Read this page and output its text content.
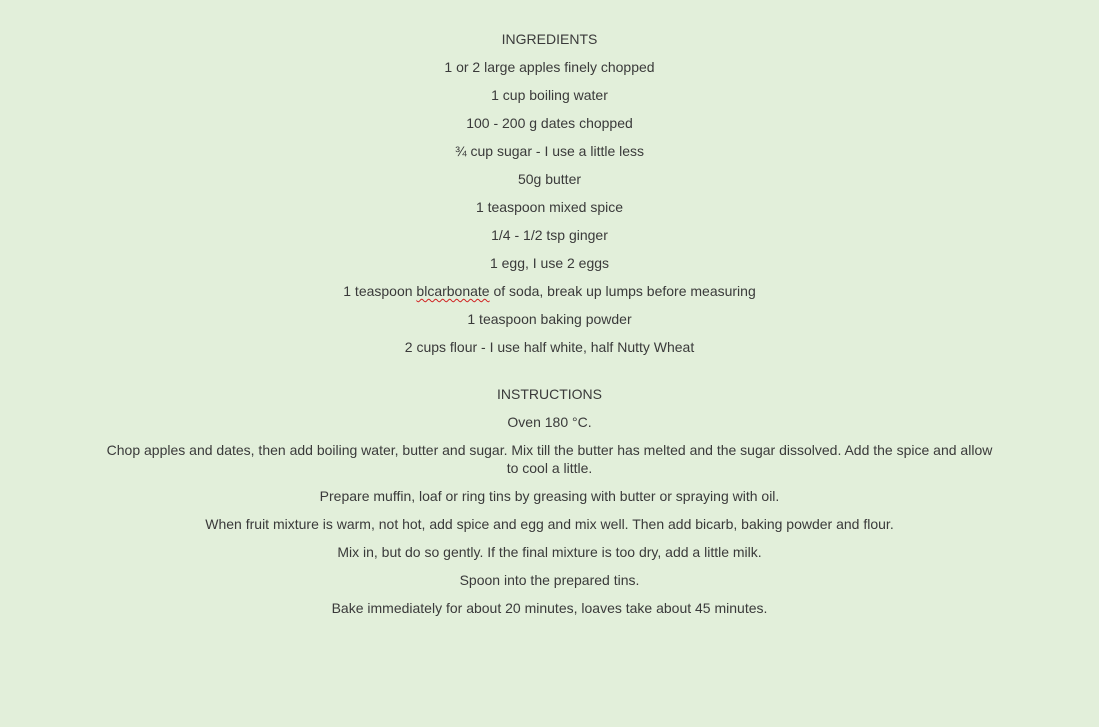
INGREDIENTS
1 or 2 large apples finely chopped
1 cup boiling water
100 - 200 g dates chopped
¾ cup sugar - I use a little less
50g butter
1 teaspoon mixed spice
1/4 - 1/2 tsp ginger
1 egg, I use 2 eggs
1 teaspoon blcarbonate of soda, break up lumps before measuring
1 teaspoon baking powder
2 cups flour - I use half white, half Nutty Wheat
INSTRUCTIONS
Oven 180 °C.
Chop apples and dates, then add boiling water, butter and sugar. Mix till the butter has melted and the sugar dissolved. Add the spice and allow to cool a little.
Prepare muffin, loaf or ring tins by greasing with butter or spraying with oil.
When fruit mixture is warm, not hot, add spice and egg and mix well. Then add bicarb, baking powder and flour.
Mix in, but do so gently. If the final mixture is too dry, add a little milk.
Spoon into the prepared tins.
Bake immediately for about 20 minutes, loaves take about 45 minutes.
